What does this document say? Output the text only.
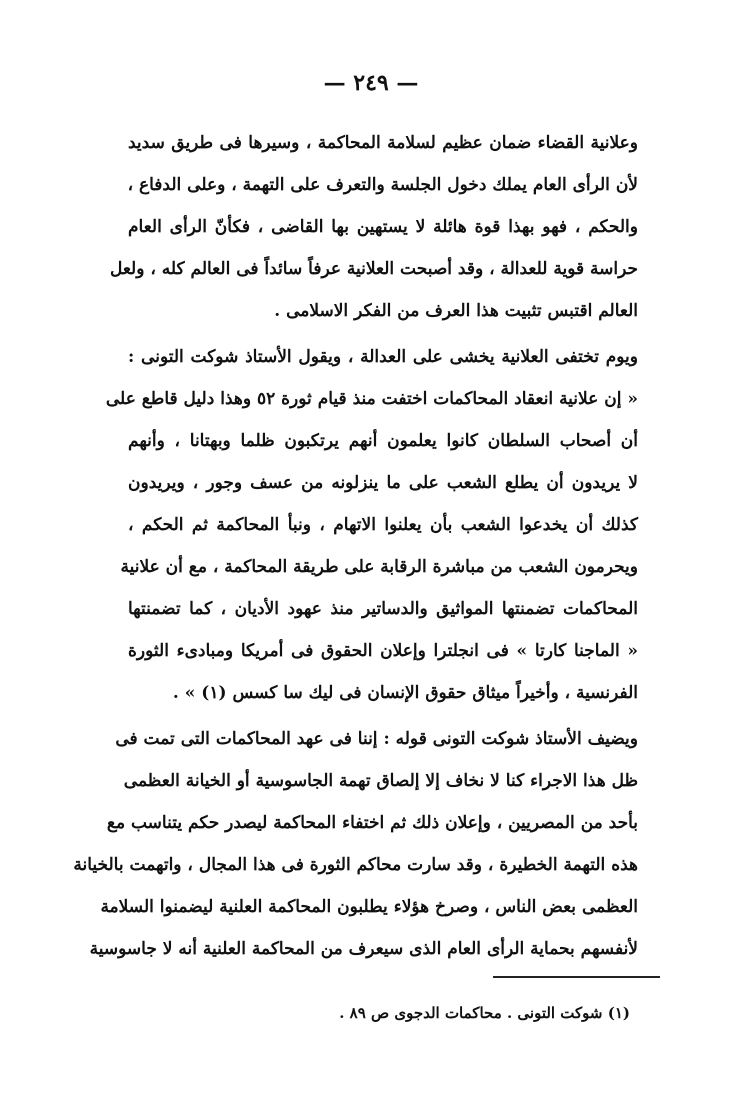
— ٢٤٩ —
وعلانية القضاء ضمان عظيم لسلامة المحاكمة ، وسيرها فى طريق سديد
لأن الرأى العام يملك دخول الجلسة والتعرف على التهمة ، وعلى الدفاع ،
والحكم ، فهو بهذا قوة هائلة لا يستهين بها القاضى ، فكأنّ الرأى العام
حراسة قوية للعدالة ، وقد أصبحت العلانية عرفاً سائداً فى العالم كله ، ولعل
العالم اقتبس تثبيت هذا العرف من الفكر الاسلامى .
ويوم تختفى العلانية يخشى على العدالة ، ويقول الأستاذ شوكت التونى :
« إن علانية انعقاد المحاكمات اختفت منذ قيام ثورة ٥٢ وهذا دليل قاطع على
أن أصحاب السلطان كانوا يعلمون أنهم يرتكبون ظلما وبهتانا ، وأنهم
لا يريدون أن يطلع الشعب على ما ينزلونه من عسف وجور ، ويريدون
كذلك أن يخدعوا الشعب بأن يعلنوا الاتهام ، ونبأ المحاكمة ثم الحكم ،
ويحرمون الشعب من مباشرة الرقابة على طريقة المحاكمة ، مع أن علانية
المحاكمات تضمنتها المواثيق والدساتير منذ عهود الأديان ، كما تضمنتها
« الماجنا كارتا » فى انجلترا وإعلان الحقوق فى أمريكا ومبادىء الثورة
الفرنسية ، وأخيراً ميثاق حقوق الإنسان فى ليك سا كسس (١) » .
ويضيف الأستاذ شوكت التونى قوله : إننا فى عهد المحاكمات التى تمت فى
ظل هذا الاجراء كنا لا نخاف إلا إلصاق تهمة الجاسوسية أو الخيانة العظمى
بأحد من المصريين ، وإعلان ذلك ثم اختفاء المحاكمة ليصدر حكم يتناسب مع
هذه التهمة الخطيرة ، وقد سارت محاكم الثورة فى هذا المجال ، واتهمت بالخيانة
العظمى بعض الناس ، وصرخ هؤلاء يطلبون المحاكمة العلنية ليضمنوا السلامة
لأنفسهم بحماية الرأى العام الذى سيعرف من المحاكمة العلنية أنه لا جاسوسية
(١) شوكت التونى . محاكمات الدجوى ص ٨٩ .
